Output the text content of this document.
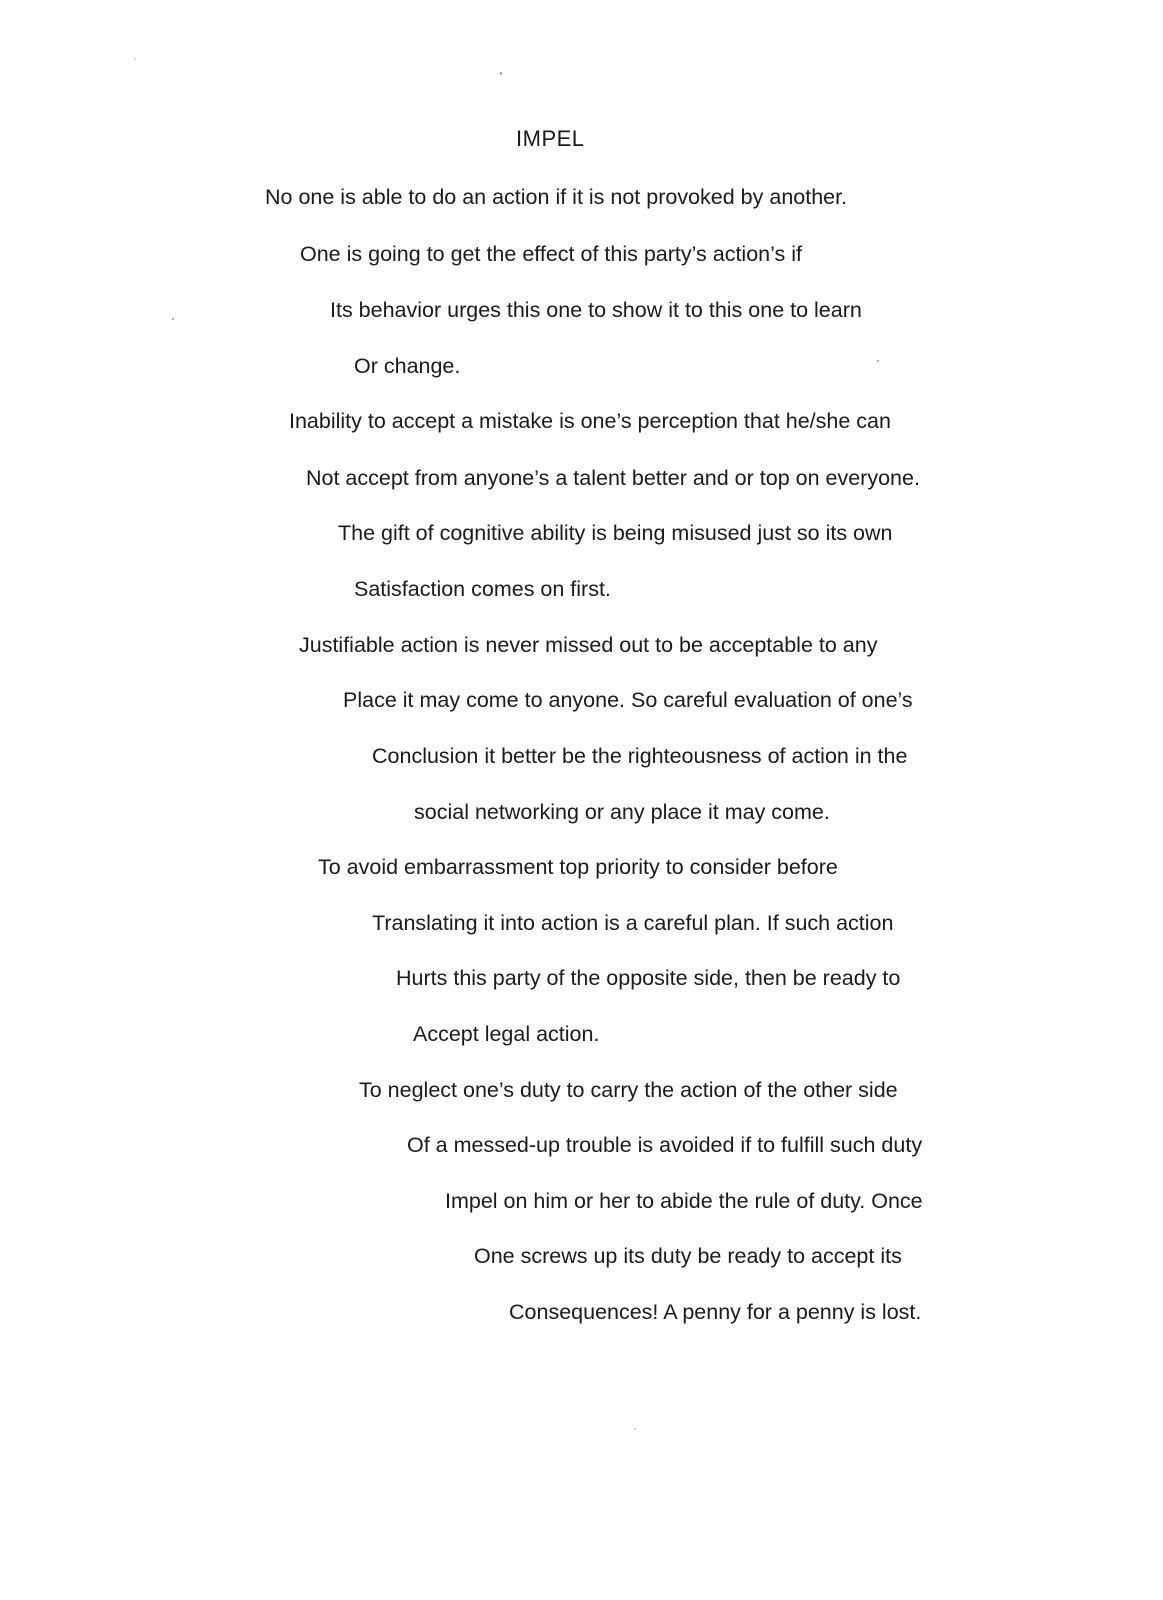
IMPEL
No one is able to do an action if it is not provoked by another.
One is going to get the effect of this party’s action’s if
Its behavior urges this one to show it to this one to learn
Or change.
Inability to accept a mistake is one’s perception that he/she can
Not accept from anyone’s a talent better and or top on everyone.
The gift of cognitive ability is being misused just so its own
Satisfaction comes on first.
Justifiable action is never missed out to be acceptable to any
Place it may come to anyone. So careful evaluation of one’s
Conclusion it better be the righteousness of action in the
social networking or any place it may come.
To avoid embarrassment top priority to consider before
Translating it into action is a careful plan. If such action
Hurts this party of the opposite side, then be ready to
Accept legal action.
To neglect one’s duty to carry the action of the other side
Of a messed-up trouble is avoided if to fulfill such duty
Impel on him or her to abide the rule of duty. Once
One screws up its duty be ready to accept its
Consequences! A penny for a penny is lost.
